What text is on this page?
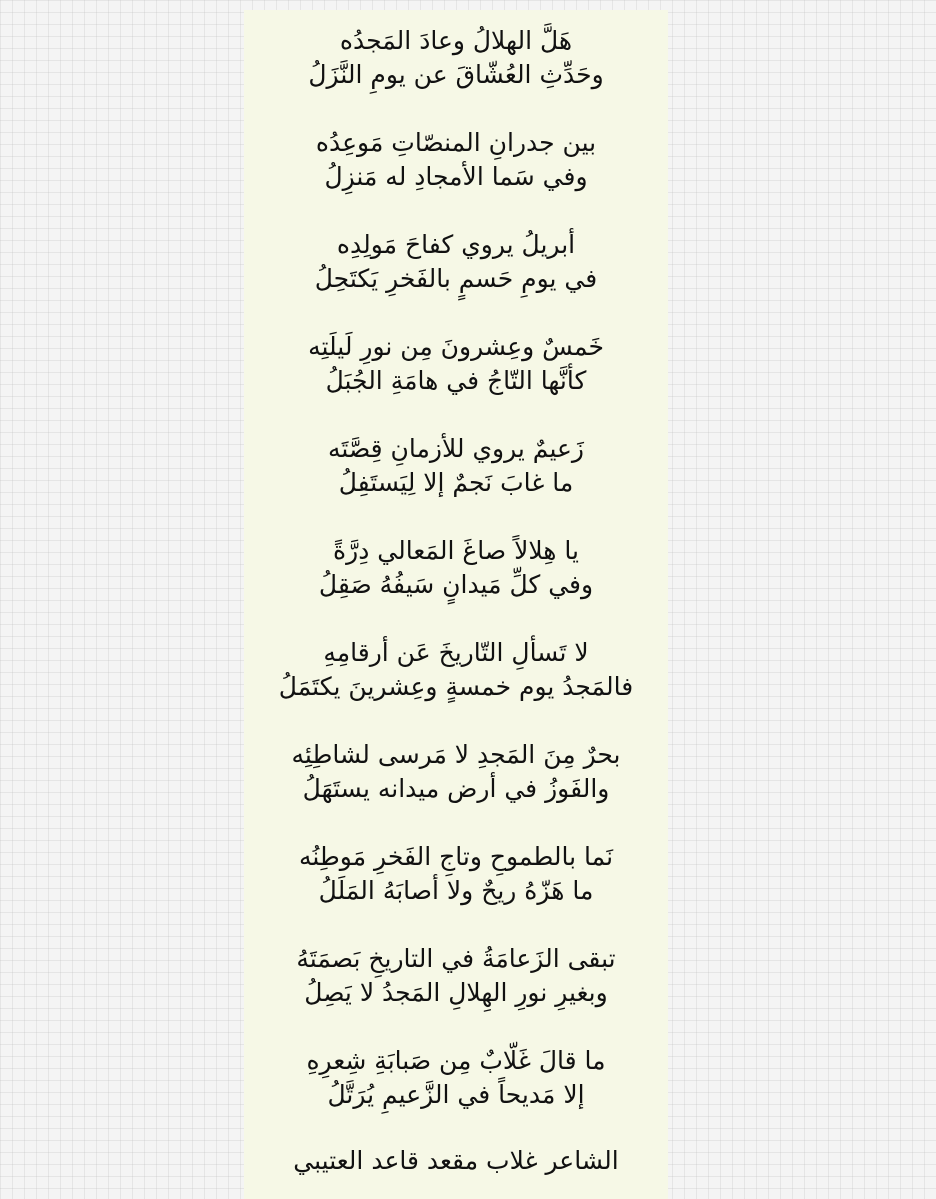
هَلَّ الهلالُ وعادَ المَجدُه
وحَدِّثِ العُشّاقَ عن يومِ النَّزَلُ
بين جدرانِ المنصّاتِ مَوعِدُه
وفي سَما الأمجادِ له مَنزِلُ
أبريلُ يروي كفاحَ مَولِدِه
في يومِ حَسمٍ بالفَخرِ يَكتَحِلُ
خَمسٌ وعِشرونَ مِن نورِ لَيلَتِه
كأنَّها التّاجُ في هامَةِ الجُبَلُ
زَعيمٌ يروي للأزمانِ قِصَّتَه
ما غابَ نَجمٌ إلا لِيَستَفِلُ
يا هِلالاً صاغَ المَعالي دِرَّةً
وفي كلِّ مَيدانٍ سَيفُهُ صَقِلُ
لا تَسألِ التّاريخَ عَن أرقامِهِ
فالمَجدُ يوم خمسةٍ وعِشرينَ يكتَمَلُ
بحرٌ مِنَ المَجدِ لا مَرسى لشاطِئِه
والفَوزُ في أرض ميدانه يستَهَلُ
نَما بالطموحِ وتاجِ الفَخرِ مَوطِنُه
ما هَزّهُ ريحٌ ولا أصابَهُ المَلَلُ
تبقى الزَعامَةُ في التاريخِ بَصمَتَهُ
وبغيرِ نورِ الهِلالِ المَجدُ لا يَصِلُ
ما قالَ غَلّابٌ مِن صَبابَةِ شِعرِهِ
إلا مَديحاً في الزَّعيمِ يُرَتَّلُ
الشاعر غلاب مقعد قاعد العتيبي
